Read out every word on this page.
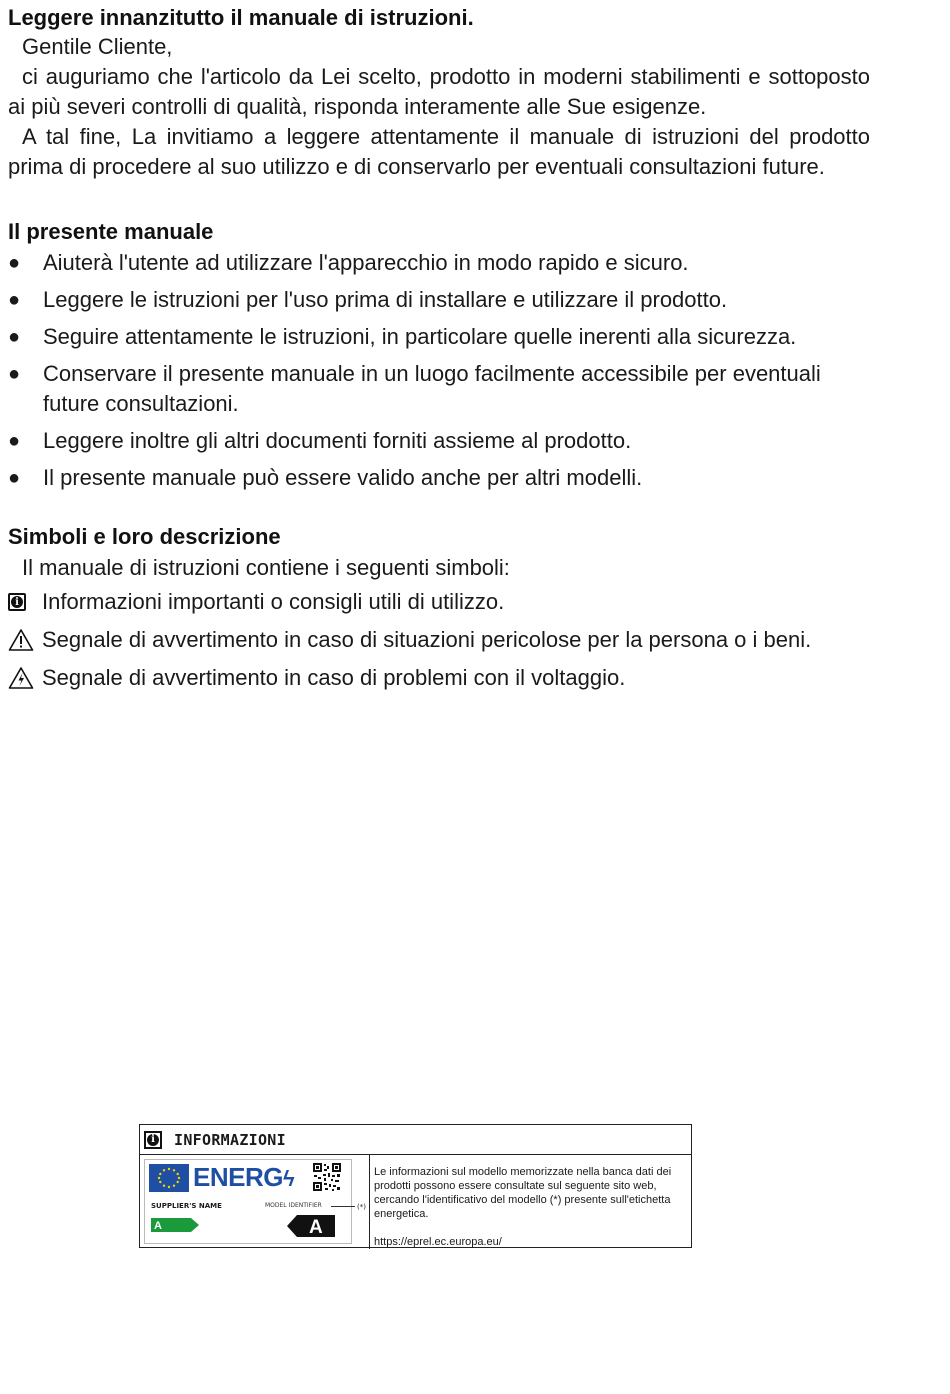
Leggere innanzitutto il manuale di istruzioni.

Gentile Cliente,

ci auguriamo che l'articolo da Lei scelto, prodotto in moderni stabilimenti e sottoposto ai più severi controlli di qualità, risponda interamente alle Sue esigenze.

A tal fine, La invitiamo a leggere attentamente il manuale di istruzioni del prodotto prima di procedere al suo utilizzo e di conservarlo per eventuali consultazioni future.

Il presente manuale
● Aiuterà l'utente ad utilizzare l'apparecchio in modo rapido e sicuro.
● Leggere le istruzioni per l'uso prima di installare e utilizzare il prodotto.
● Seguire attentamente le istruzioni, in particolare quelle inerenti alla sicurezza.
● Conservare il presente manuale in un luogo facilmente accessibile per eventuali future consultazioni.
● Leggere inoltre gli altri documenti forniti assieme al prodotto.
● Il presente manuale può essere valido anche per altri modelli.
Simboli e loro descrizione
Il manuale di istruzioni contiene i seguenti simboli:
i Informazioni importanti o consigli utili di utilizzo.
Segnale di avvertimento in caso di situazioni pericolose per la persona o i beni.
Segnale di avvertimento in caso di problemi con il voltaggio.
i INFORMAZIONI
ENERGϟ
SUPPLIER'S NAME	MODEL IDENTIFIER	(*)
A	A
Le informazioni sul modello memorizzate nella banca dati dei prodotti possono essere consultate sul seguente sito web, cercando l'identificativo del modello (*) presente sull'etichetta energetica.
https://eprel.ec.europa.eu/
